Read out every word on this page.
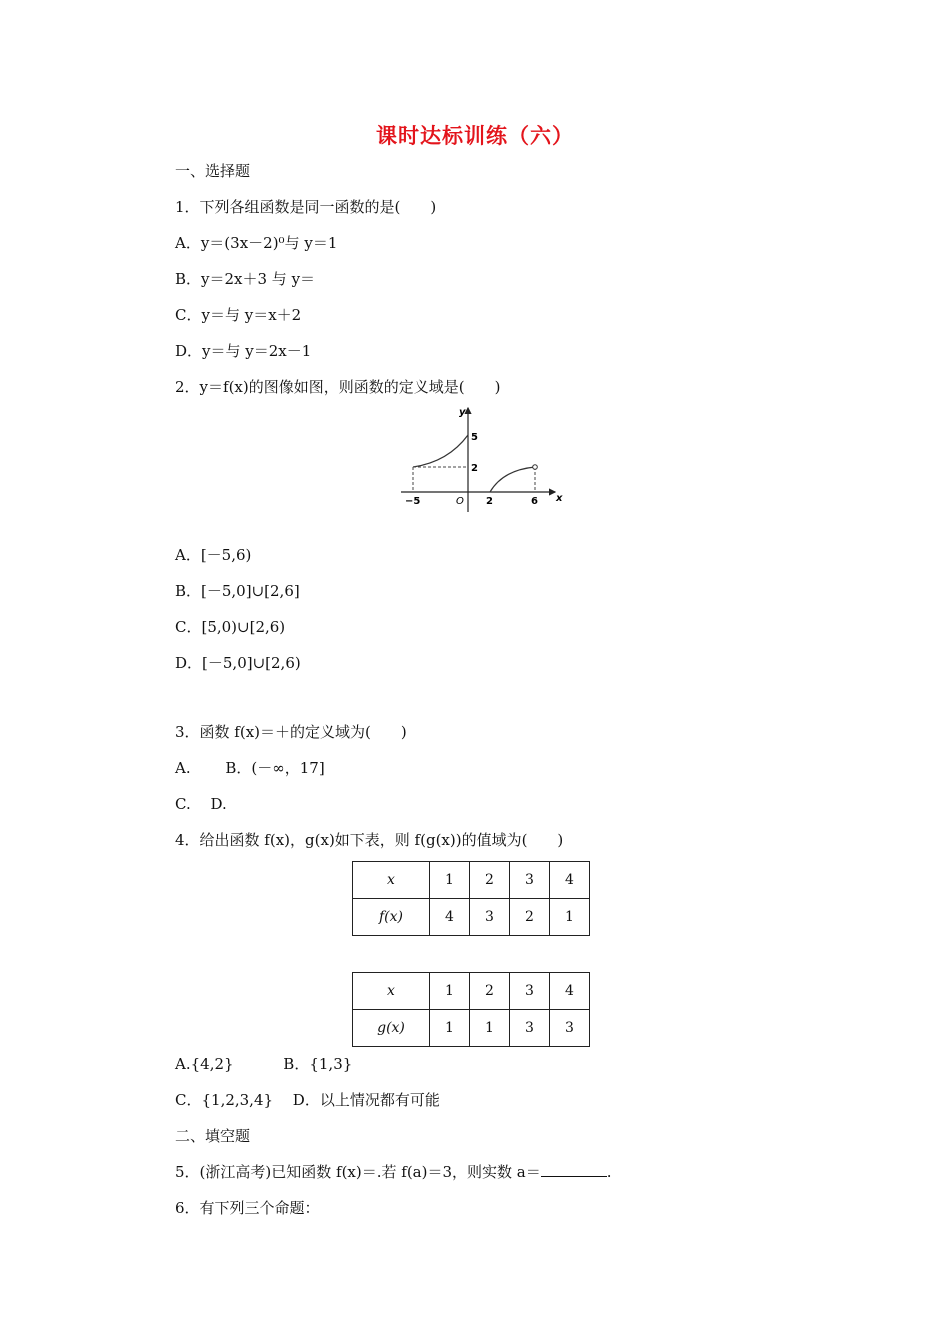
课时达标训练（六）
一、选择题
1．下列各组函数是同一函数的是(　　)
A．y＝(3x－2)⁰与 y＝1
B．y＝2x＋3 与 y＝
C．y＝与 y＝x＋2
D．y＝与 y＝2x－1
2．y＝f(x)的图像如图，则函数的定义域是(　　)
y
x
O
−5	2	6
5
2
A．[－5,6)
B．[－5,0]∪[2,6]
C．[5,0)∪[2,6)
D．[－5,0]∪[2,6)
3．函数 f(x)＝＋的定义域为(　　)
A.　　 B．(－∞，17]
C.　 D.
4．给出函数 f(x)，g(x)如下表，则 f(g(x))的值域为(　　)
x	1	2	3	4
f(x)	4	3	2	1
x	1	2	3	4
g(x)	1	1	3	3
A.{4,2}　　　 B．{1,3}
C．{1,2,3,4}　 D．以上情况都有可能
二、填空题
5．(浙江高考)已知函数 f(x)＝.若 f(a)＝3，则实数 a＝	.
6．有下列三个命题：
